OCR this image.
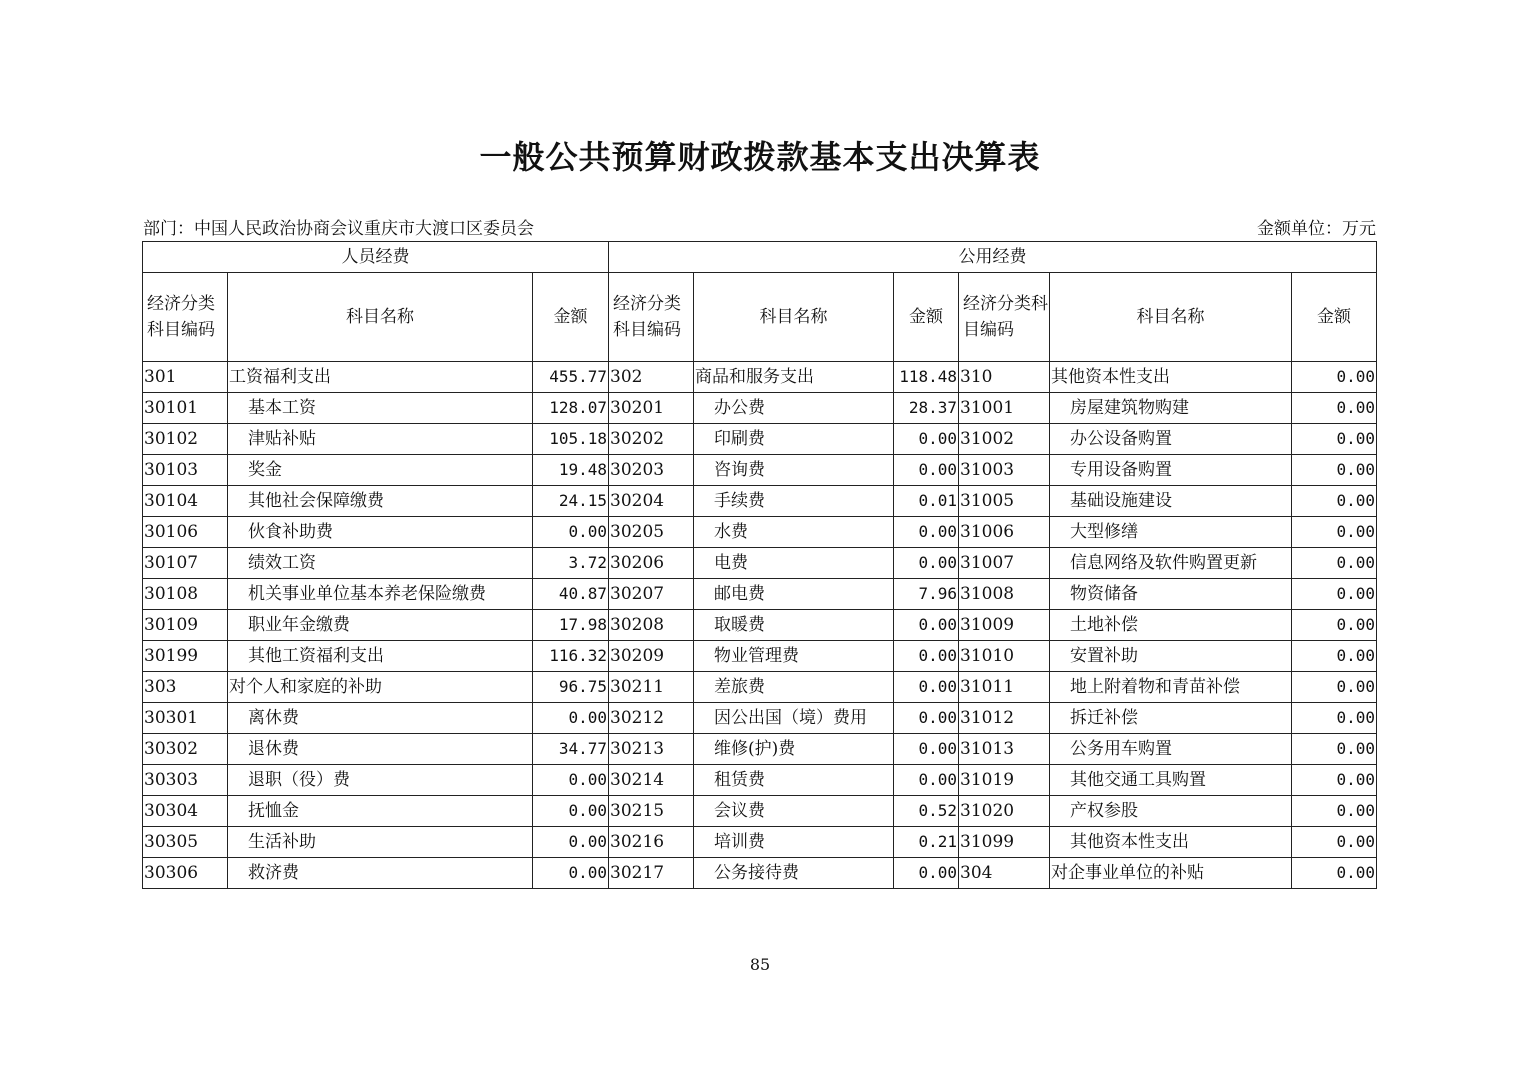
一般公共预算财政拨款基本支出决算表
部门：中国人民政治协商会议重庆市大渡口区委员会	金额单位：万元
人员经费			公用经费					
经济分类科目编码	科目名称	金额	经济分类科目编码	科目名称	金额	经济分类科目编码	科目名称	金额
301	工资福利支出	455.77	302	商品和服务支出	118.48	310	其他资本性支出	0.00
30101	基本工资	128.07	30201	办公费	28.37	31001	房屋建筑物购建	0.00
30102	津贴补贴	105.18	30202	印刷费	0.00	31002	办公设备购置	0.00
30103	奖金	19.48	30203	咨询费	0.00	31003	专用设备购置	0.00
30104	其他社会保障缴费	24.15	30204	手续费	0.01	31005	基础设施建设	0.00
30106	伙食补助费	0.00	30205	水费	0.00	31006	大型修缮	0.00
30107	绩效工资	3.72	30206	电费	0.00	31007	信息网络及软件购置更新	0.00
30108	机关事业单位基本养老保险缴费	40.87	30207	邮电费	7.96	31008	物资储备	0.00
30109	职业年金缴费	17.98	30208	取暖费	0.00	31009	土地补偿	0.00
30199	其他工资福利支出	116.32	30209	物业管理费	0.00	31010	安置补助	0.00
303	对个人和家庭的补助	96.75	30211	差旅费	0.00	31011	地上附着物和青苗补偿	0.00
30301	离休费	0.00	30212	因公出国（境）费用	0.00	31012	拆迁补偿	0.00
30302	退休费	34.77	30213	维修(护)费	0.00	31013	公务用车购置	0.00
30303	退职（役）费	0.00	30214	租赁费	0.00	31019	其他交通工具购置	0.00
30304	抚恤金	0.00	30215	会议费	0.52	31020	产权参股	0.00
30305	生活补助	0.00	30216	培训费	0.21	31099	其他资本性支出	0.00
30306	救济费	0.00	30217	公务接待费	0.00	304	对企事业单位的补贴	0.00
85
